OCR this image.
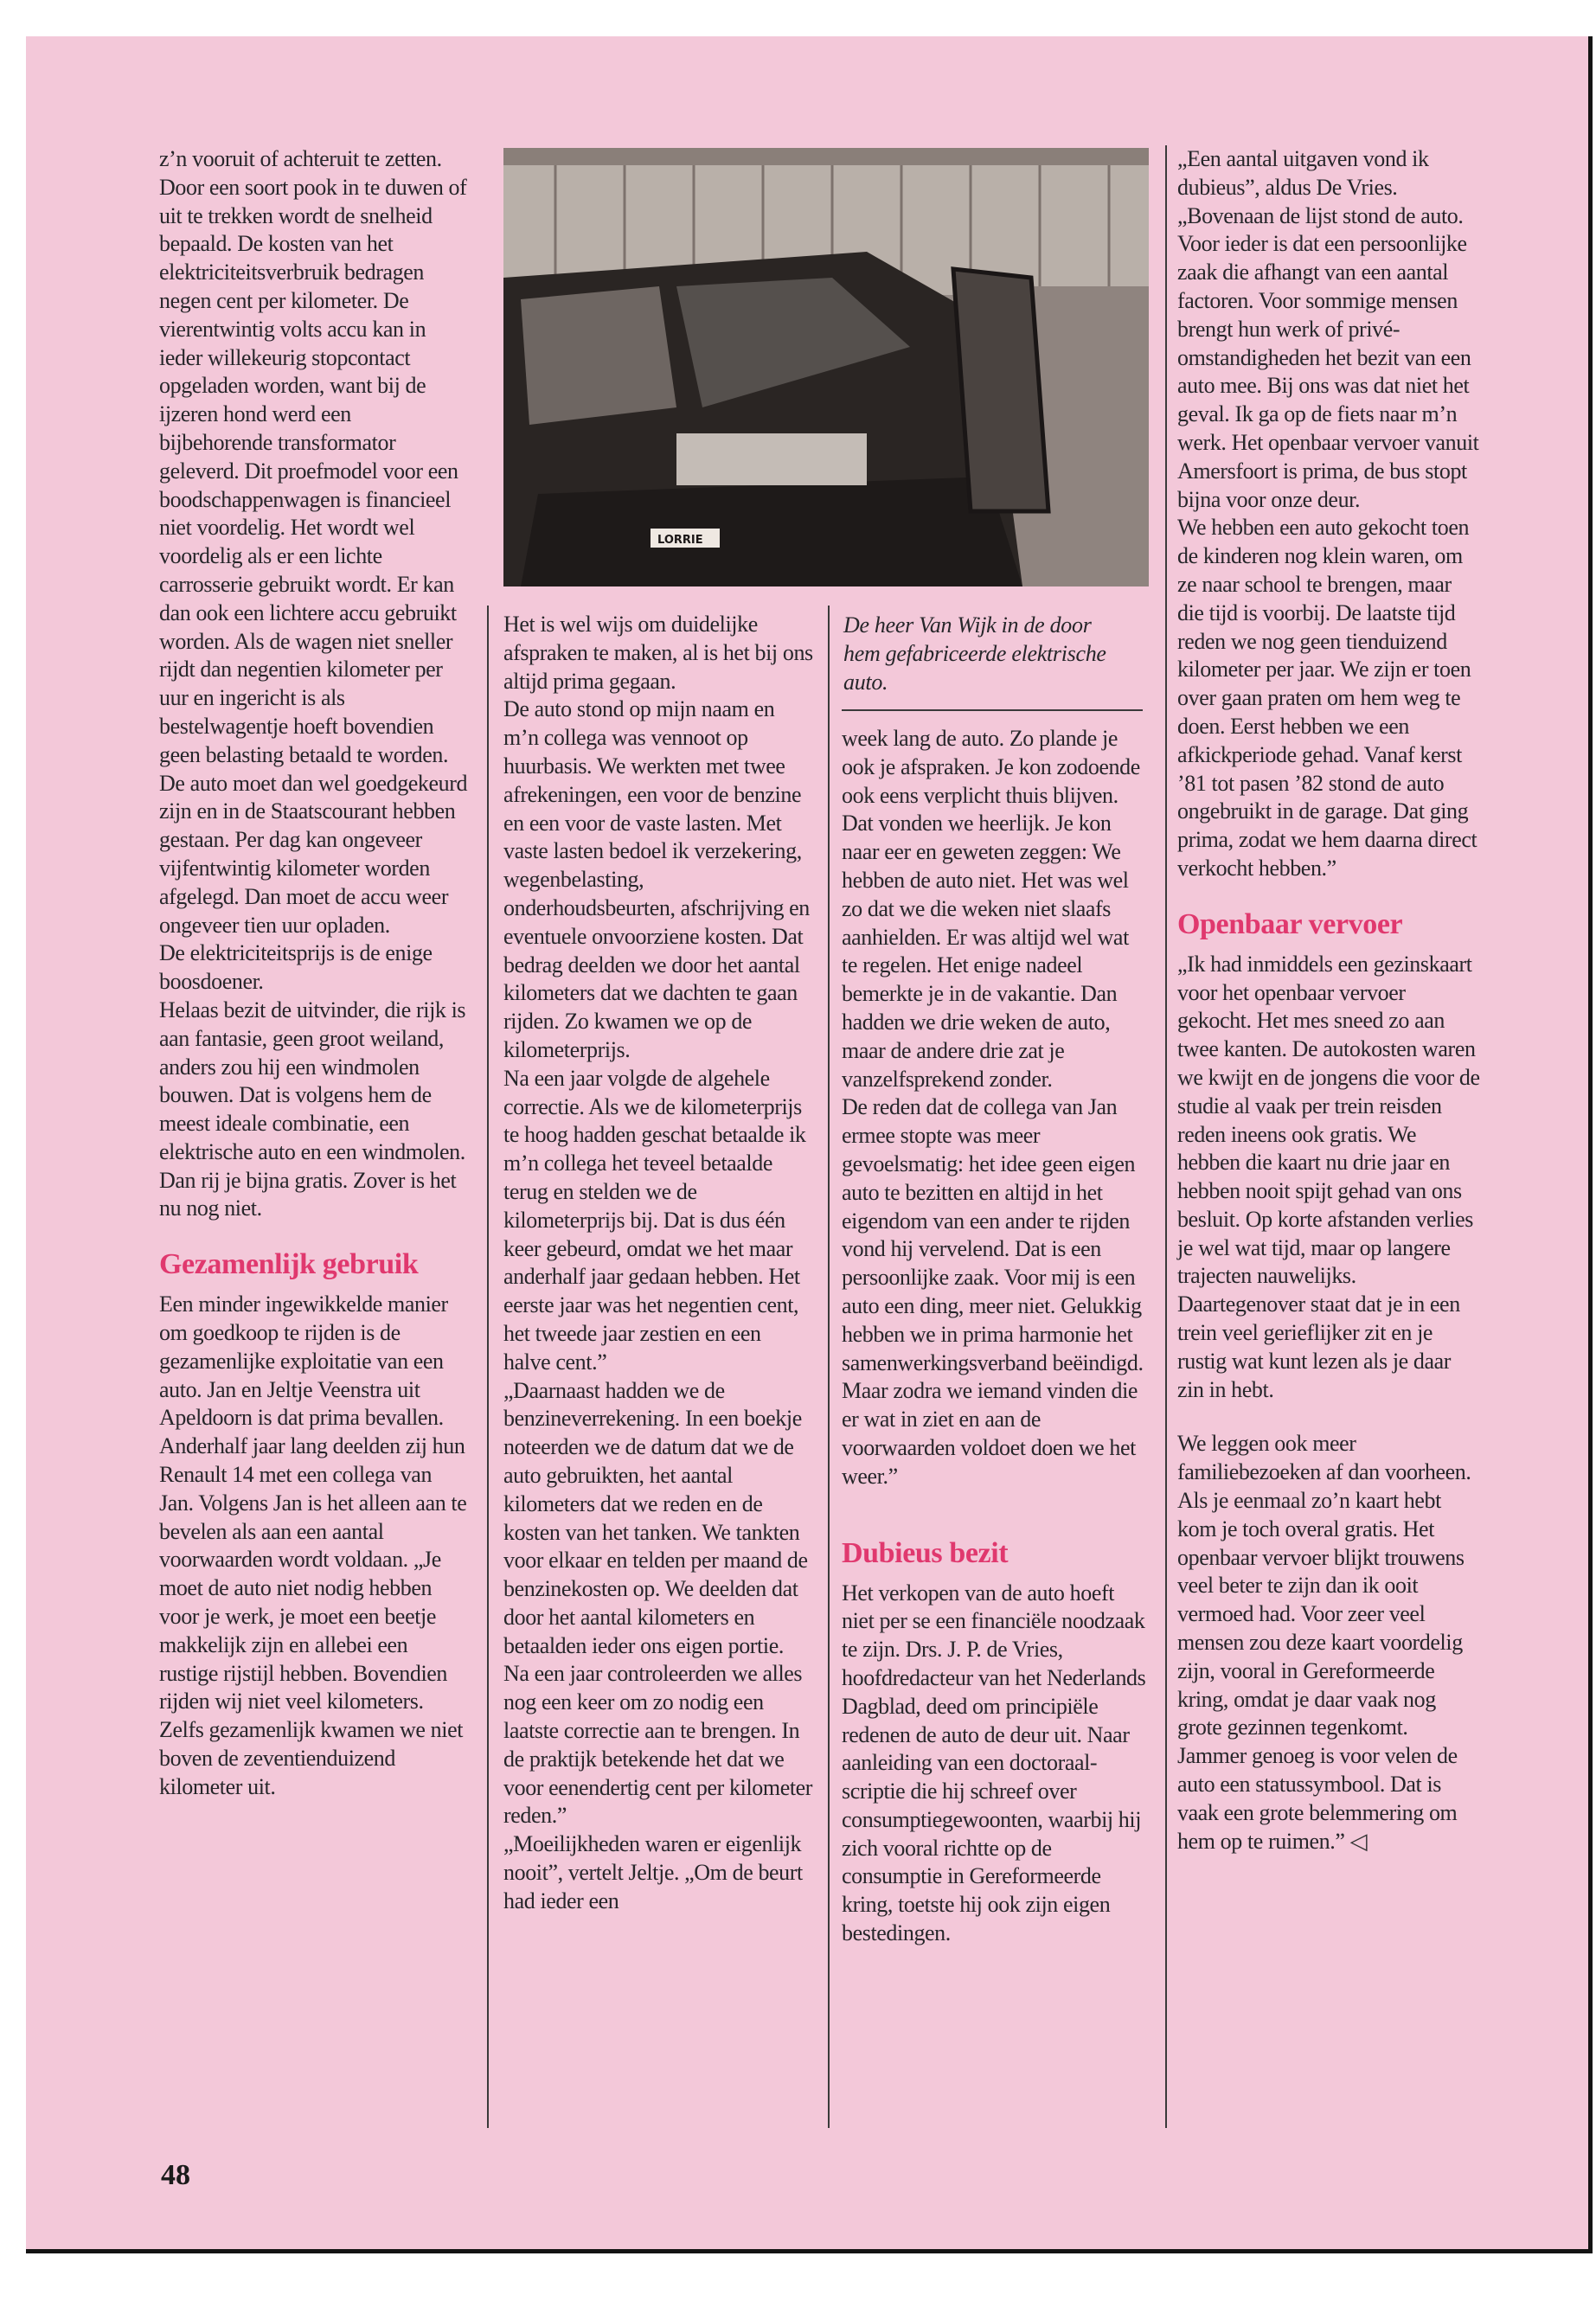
z’n vooruit of achteruit te zetten. Door een soort pook in te duwen of uit te trekken wordt de snelheid bepaald. De kosten van het elektriciteitsverbruik bedragen negen cent per kilometer. De vierentwintig volts accu kan in ieder willekeurig stopcontact opgeladen worden, want bij de ijzeren hond werd een bijbehorende transformator geleverd. Dit proefmodel voor een boodschappenwagen is financieel niet voordelig. Het wordt wel voordelig als er een lichte carrosserie gebruikt wordt. Er kan dan ook een lichtere accu gebruikt worden. Als de wagen niet sneller rijdt dan negentien kilometer per uur en ingericht is als bestelwagentje hoeft bovendien geen belasting betaald te worden. De auto moet dan wel goedgekeurd zijn en in de Staatscourant hebben gestaan. Per dag kan ongeveer vijfentwintig kilometer worden afgelegd. Dan moet de accu weer ongeveer tien uur opladen.

De elektriciteitsprijs is de enige boosdoener.

Helaas bezit de uitvinder, die rijk is aan fantasie, geen groot weiland, anders zou hij een windmolen bouwen. Dat is volgens hem de meest ideale combinatie, een elektrische auto en een windmolen. Dan rij je bijna gratis. Zover is het nu nog niet.

Gezamenlijk gebruik

Een minder ingewikkelde manier om goedkoop te rijden is de gezamenlijke exploitatie van een auto. Jan en Jeltje Veenstra uit Apeldoorn is dat prima bevallen. Anderhalf jaar lang deelden zij hun Renault 14 met een collega van Jan. Volgens Jan is het alleen aan te bevelen als aan een aantal voorwaarden wordt voldaan. „Je moet de auto niet nodig hebben voor je werk, je moet een beetje makkelijk zijn en allebei een rustige rijstijl hebben. Bovendien rijden wij niet veel kilometers. Zelfs gezamenlijk kwamen we niet boven de zeventienduizend kilometer uit.

LORRIE

Het is wel wijs om duidelijke afspraken te maken, al is het bij ons altijd prima gegaan.

De auto stond op mijn naam en m’n collega was vennoot op huurbasis. We werkten met twee afrekeningen, een voor de benzine en een voor de vaste lasten. Met vaste lasten bedoel ik verzekering, wegenbelasting, onderhoudsbeurten, afschrijving en eventuele onvoorziene kosten. Dat bedrag deelden we door het aantal kilometers dat we dachten te gaan rijden. Zo kwamen we op de kilometerprijs.

Na een jaar volgde de algehele correctie. Als we de kilometerprijs te hoog hadden geschat betaalde ik m’n collega het teveel betaalde terug en stelden we de kilometerprijs bij. Dat is dus één keer gebeurd, omdat we het maar anderhalf jaar gedaan hebben. Het eerste jaar was het negentien cent, het tweede jaar zestien en een halve cent.”

„Daarnaast hadden we de benzineverrekening. In een boekje noteerden we de datum dat we de auto gebruikten, het aantal kilometers dat we reden en de kosten van het tanken. We tankten voor elkaar en telden per maand de benzinekosten op. We deelden dat door het aantal kilometers en betaalden ieder ons eigen portie. Na een jaar controleerden we alles nog een keer om zo nodig een laatste correctie aan te brengen. In de praktijk betekende het dat we voor eenendertig cent per kilometer reden.”

„Moeilijkheden waren er eigenlijk nooit”, vertelt Jeltje. „Om de beurt had ieder een

De heer Van Wijk in de door hem gefabriceerde elektrische auto.

week lang de auto. Zo plande je ook je afspraken. Je kon zodoende ook eens verplicht thuis blijven. Dat vonden we heerlijk. Je kon naar eer en geweten zeggen: We hebben de auto niet. Het was wel zo dat we die weken niet slaafs aanhielden. Er was altijd wel wat te regelen. Het enige nadeel bemerkte je in de vakantie. Dan hadden we drie weken de auto, maar de andere drie zat je vanzelfsprekend zonder.

De reden dat de collega van Jan ermee stopte was meer gevoelsmatig: het idee geen eigen auto te bezitten en altijd in het eigendom van een ander te rijden vond hij vervelend. Dat is een persoonlijke zaak. Voor mij is een auto een ding, meer niet. Gelukkig hebben we in prima harmonie het samenwerkingsverband beëindigd. Maar zodra we iemand vinden die er wat in ziet en aan de voorwaarden voldoet doen we het weer.”

Dubieus bezit

Het verkopen van de auto hoeft niet per se een financiële noodzaak te zijn. Drs. J. P. de Vries, hoofdredacteur van het Nederlands Dagblad, deed om principiële redenen de auto de deur uit. Naar aanleiding van een doctoraal-scriptie die hij schreef over consumptiegewoonten, waarbij hij zich vooral richtte op de consumptie in Gereformeerde kring, toetste hij ook zijn eigen bestedingen.

„Een aantal uitgaven vond ik dubieus”, aldus De Vries. „Bovenaan de lijst stond de auto. Voor ieder is dat een persoonlijke zaak die afhangt van een aantal factoren. Voor sommige mensen brengt hun werk of privé-omstandigheden het bezit van een auto mee. Bij ons was dat niet het geval. Ik ga op de fiets naar m’n werk. Het openbaar vervoer vanuit Amersfoort is prima, de bus stopt bijna voor onze deur.

We hebben een auto gekocht toen de kinderen nog klein waren, om ze naar school te brengen, maar die tijd is voorbij. De laatste tijd reden we nog geen tienduizend kilometer per jaar. We zijn er toen over gaan praten om hem weg te doen. Eerst hebben we een afkickperiode gehad. Vanaf kerst ’81 tot pasen ’82 stond de auto ongebruikt in de garage. Dat ging prima, zodat we hem daarna direct verkocht hebben.”

Openbaar vervoer

„Ik had inmiddels een gezinskaart voor het openbaar vervoer gekocht. Het mes sneed zo aan twee kanten. De autokosten waren we kwijt en de jongens die voor de studie al vaak per trein reisden reden ineens ook gratis. We hebben die kaart nu drie jaar en hebben nooit spijt gehad van ons besluit. Op korte afstanden verlies je wel wat tijd, maar op langere trajecten nauwelijks. Daartegenover staat dat je in een trein veel gerieflijker zit en je rustig wat kunt lezen als je daar zin in hebt.

We leggen ook meer familiebezoeken af dan voorheen. Als je eenmaal zo’n kaart hebt kom je toch overal gratis. Het openbaar vervoer blijkt trouwens veel beter te zijn dan ik ooit vermoed had. Voor zeer veel mensen zou deze kaart voordelig zijn, vooral in Gereformeerde kring, omdat je daar vaak nog grote gezinnen tegenkomt. Jammer genoeg is voor velen de auto een statussymbool. Dat is vaak een grote belemmering om hem op te ruimen.” ◁

48
